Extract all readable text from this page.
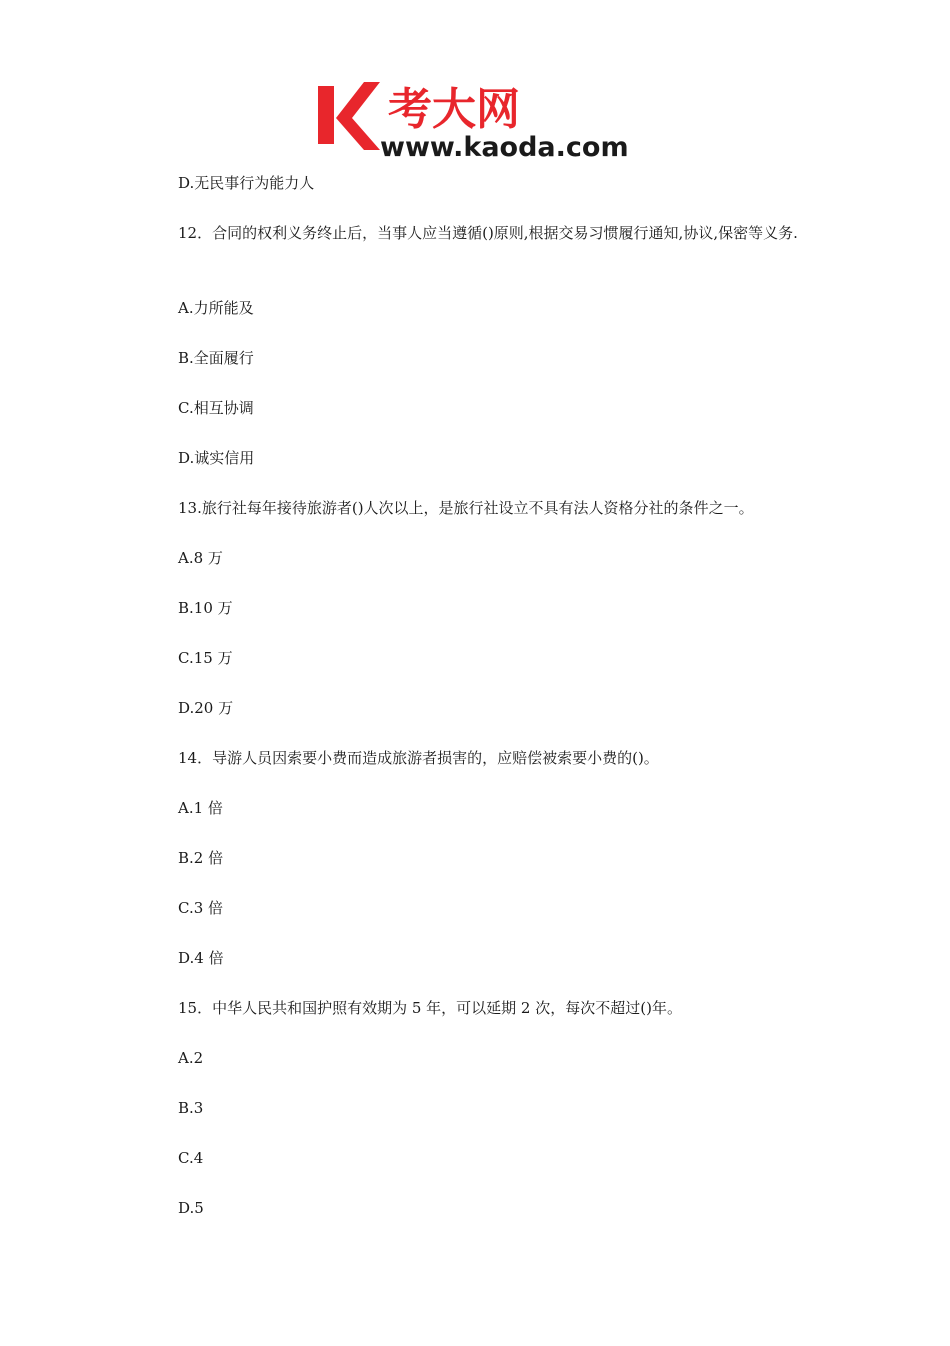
考大网
www.kaoda.com
D.无民事行为能力人
12．合同的权利义务终止后，当事人应当遵循()原则,根据交易习惯履行通知,协议,保密等义务.
A.力所能及
B.全面履行
C.相互协调
D.诚实信用
13.旅行社每年接待旅游者()人次以上，是旅行社设立不具有法人资格分社的条件之一。
A.8 万
B.10 万
C.15 万
D.20 万
14．导游人员因索要小费而造成旅游者损害的，应赔偿被索要小费的()。
A.1 倍
B.2 倍
C.3 倍
D.4 倍
15．中华人民共和国护照有效期为 5 年，可以延期 2 次，每次不超过()年。
A.2
B.3
C.4
D.5
